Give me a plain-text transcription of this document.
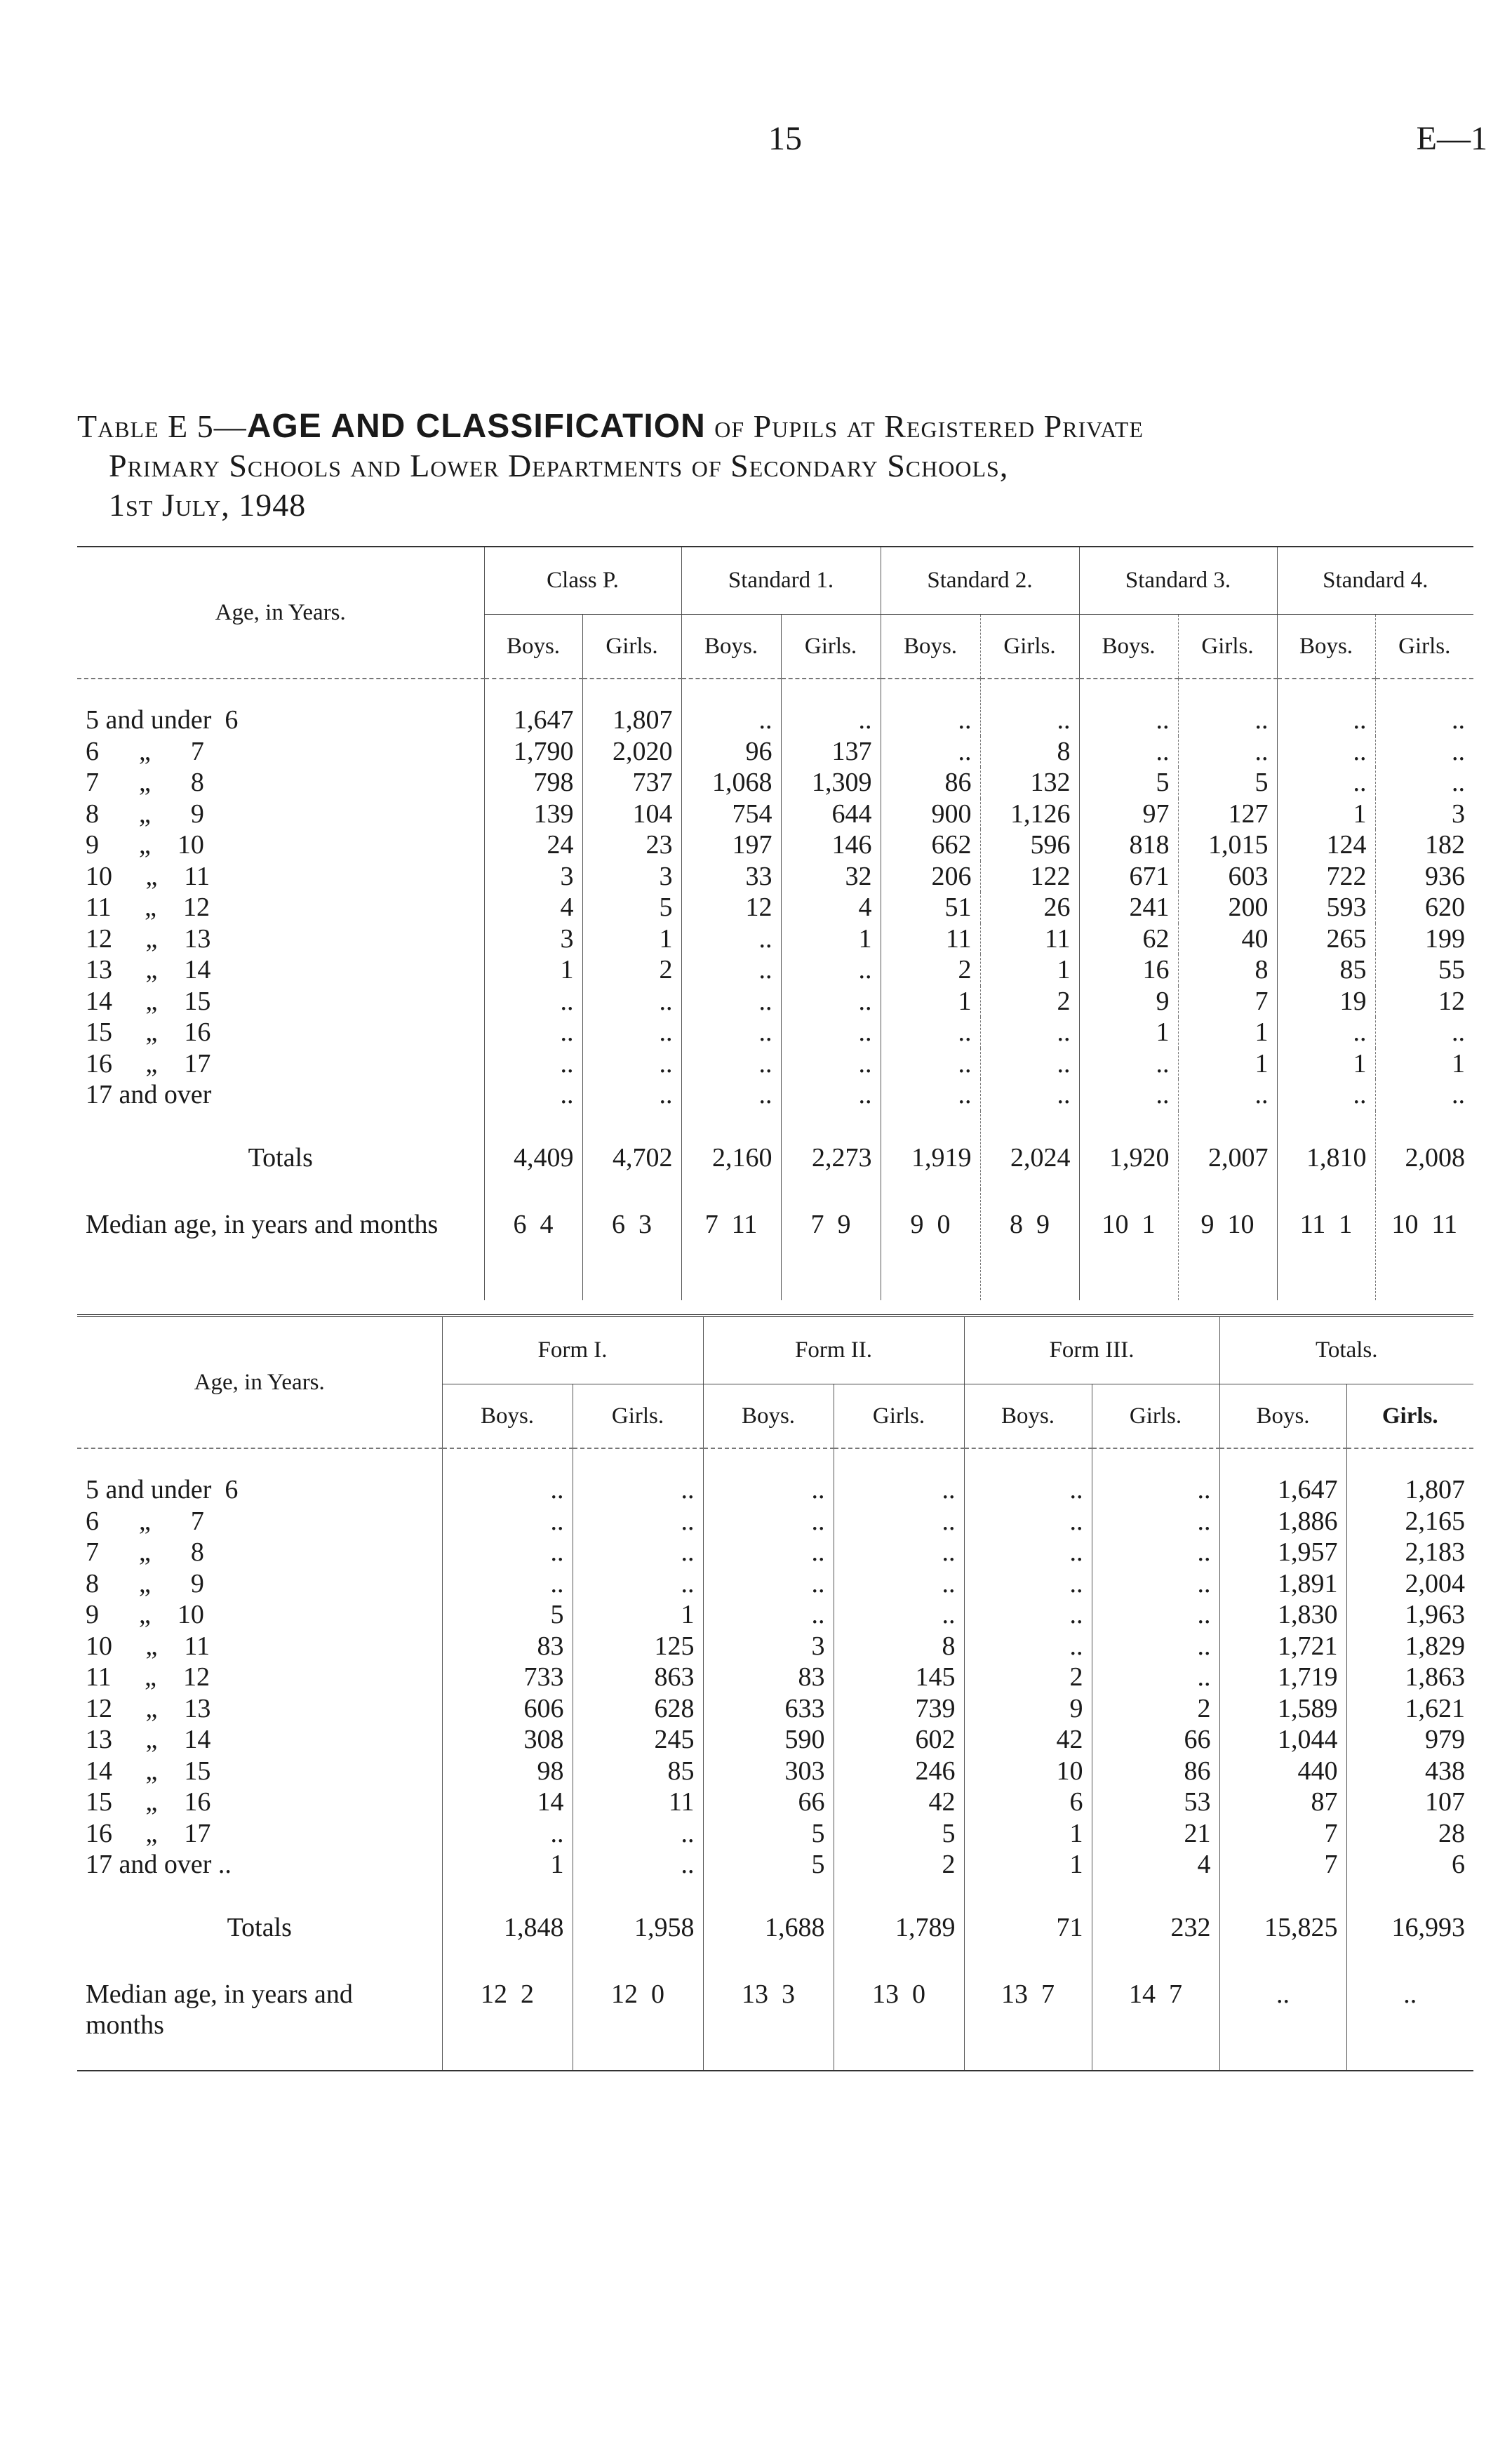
15	E—1
Table E 5—AGE AND CLASSIFICATION of Pupils at Registered Private
Primary Schools and Lower Departments of Secondary Schools,
1st July, 1948
Age, in Years.	Class P.		Standard 1.		Standard 2.		Standard 3.		Standard 4.	
	Boys.	Girls.	Boys.	Girls.	Boys.	Girls.	Boys.	Girls.	Boys.	Girls.
5 and under  6	1,647	1,807	..	..	..	..	..	..	..	..
6      „      7	1,790	2,020	96	137	..	8	..	..	..	..
7      „      8	798	737	1,068	1,309	86	132	5	5	..	..
8      „      9	139	104	754	644	900	1,126	97	127	1	3
9      „    10	24	23	197	146	662	596	818	1,015	124	182
10     „    11	3	3	33	32	206	122	671	603	722	936
11     „    12	4	5	12	4	51	26	241	200	593	620
12     „    13	3	1	..	1	11	11	62	40	265	199
13     „    14	1	2	..	..	2	1	16	8	85	55
14     „    15	..	..	..	..	1	2	9	7	19	12
15     „    16	..	..	..	..	..	..	1	1	..	..
16     „    17	..	..	..	..	..	..	..	1	1	1
17 and over	..	..	..	..	..	..	..	..	..	..
Totals	4,409	4,702	2,160	2,273	1,919	2,024	1,920	2,007	1,810	2,008
Median age, in years and months	6  4	6  3	7  11	7  9	9  0	8  9	10  1	9  10	11  1	10  11
Age, in Years.	Form I.		Form II.		Form III.		Totals.	
	Boys.	Girls.	Boys.	Girls.	Boys.	Girls.	Boys.	Girls.
5 and under  6	..	..	..	..	..	..	1,647	1,807
6      „      7	..	..	..	..	..	..	1,886	2,165
7      „      8	..	..	..	..	..	..	1,957	2,183
8      „      9	..	..	..	..	..	..	1,891	2,004
9      „    10	5	1	..	..	..	..	1,830	1,963
10     „    11	83	125	3	8	..	..	1,721	1,829
11     „    12	733	863	83	145	2	..	1,719	1,863
12     „    13	606	628	633	739	9	2	1,589	1,621
13     „    14	308	245	590	602	42	66	1,044	979
14     „    15	98	85	303	246	10	86	440	438
15     „    16	14	11	66	42	6	53	87	107
16     „    17	..	..	5	5	1	21	7	28
17 and over ..	1	..	5	2	1	4	7	6
Totals	1,848	1,958	1,688	1,789	71	232	15,825	16,993
Median age, in years and months	12  2	12  0	13  3	13  0	13  7	14  7	..	..
